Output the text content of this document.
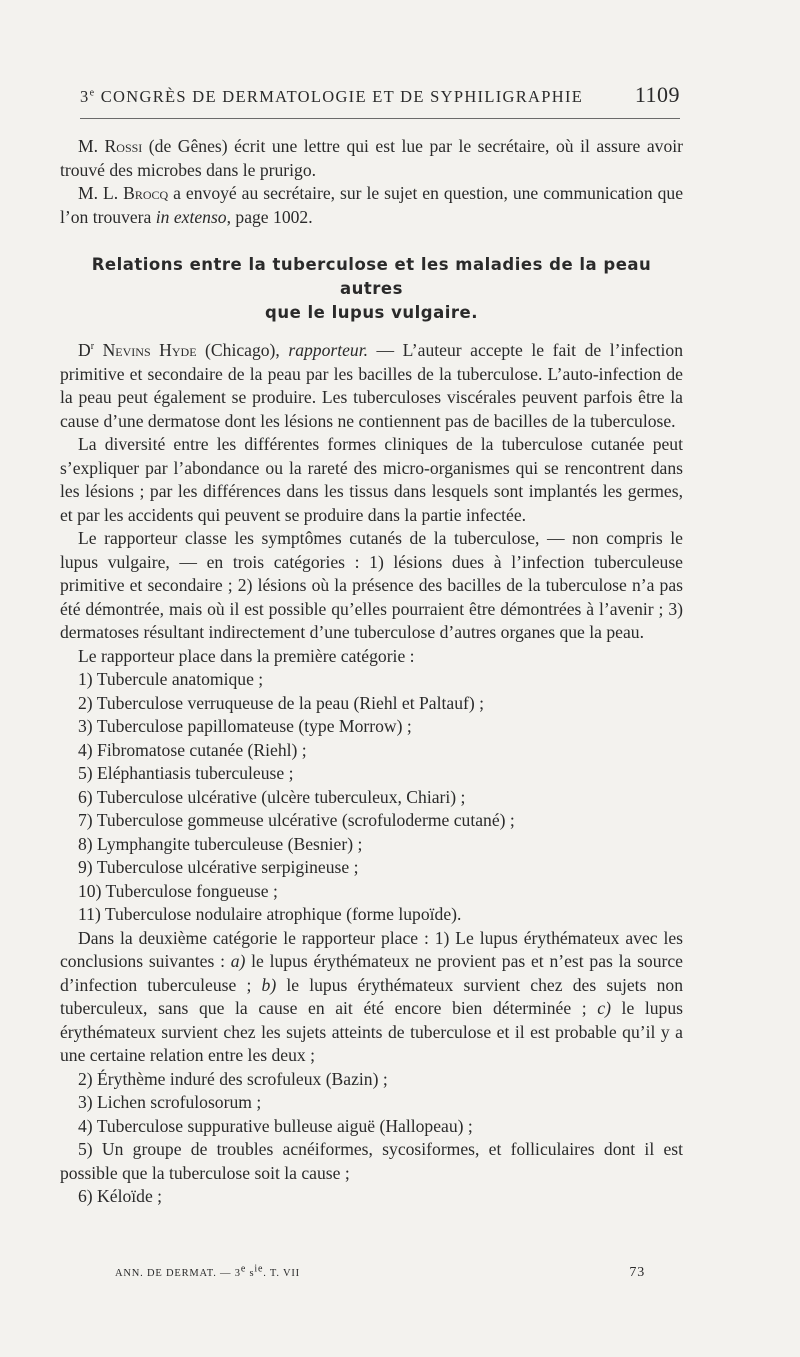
3e CONGRÈS DE DERMATOLOGIE ET DE SYPHILIGRAPHIE 1109

M. Rossi (de Gênes) écrit une lettre qui est lue par le secrétaire, où il assure avoir trouvé des microbes dans le prurigo.

M. L. Brocq a envoyé au secrétaire, sur le sujet en question, une communication que l’on trouvera in extenso, page 1002.

Relations entre la tuberculose et les maladies de la peau autres
que le lupus vulgaire.

$D^r$ Nevins Hyde (Chicago), rapporteur. — L’auteur accepte le fait de l’infection primitive et secondaire de la peau par les bacilles de la tuberculose. L’auto-infection de la peau peut également se produire. Les tuberculoses viscérales peuvent parfois être la cause d’une dermatose dont les lésions ne contiennent pas de bacilles de la tuberculose.

La diversité entre les différentes formes cliniques de la tuberculose cutanée peut s’expliquer par l’abondance ou la rareté des micro-organismes qui se rencontrent dans les lésions ; par les différences dans les tissus dans lesquels sont implantés les germes, et par les accidents qui peuvent se produire dans la partie infectée.

Le rapporteur classe les symptômes cutanés de la tuberculose, — non compris le lupus vulgaire, — en trois catégories : 1) lésions dues à l’infection tuberculeuse primitive et secondaire ; 2) lésions où la présence des bacilles de la tuberculose n’a pas été démontrée, mais où il est possible qu’elles pourraient être démontrées à l’avenir ; 3) dermatoses résultant indirectement d’une tuberculose d’autres organes que la peau.

Le rapporteur place dans la première catégorie :

1) Tubercule anatomique ;

2) Tuberculose verruqueuse de la peau (Riehl et Paltauf) ;

3) Tuberculose papillomateuse (type Morrow) ;

4) Fibromatose cutanée (Riehl) ;

5) Eléphantiasis tuberculeuse ;

6) Tuberculose ulcérative (ulcère tuberculeux, Chiari) ;

7) Tuberculose gommeuse ulcérative (scrofuloderme cutané) ;

8) Lymphangite tuberculeuse (Besnier) ;

9) Tuberculose ulcérative serpigineuse ;

10) Tuberculose fongueuse ;

11) Tuberculose nodulaire atrophique (forme lupoïde).

Dans la deuxième catégorie le rapporteur place : 1) Le lupus érythémateux avec les conclusions suivantes : a) le lupus érythémateux ne provient pas et n’est pas la source d’infection tuberculeuse ; b) le lupus érythémateux survient chez des sujets non tuberculeux, sans que la cause en ait été encore bien déterminée ; c) le lupus érythémateux survient chez les sujets atteints de tuberculose et il est probable qu’il y a une certaine relation entre les deux ;

2) Érythème induré des scrofuleux (Bazin) ;

3) Lichen scrofulosorum ;

4) Tuberculose suppurative bulleuse aiguë (Hallopeau) ;

5) Un groupe de troubles acnéiformes, sycosiformes, et folliculaires dont il est possible que la tuberculose soit la cause ;

6) Kéloïde ;

ANN. DE DERMAT. — 3e $s^{ie}$. T. VII	73
